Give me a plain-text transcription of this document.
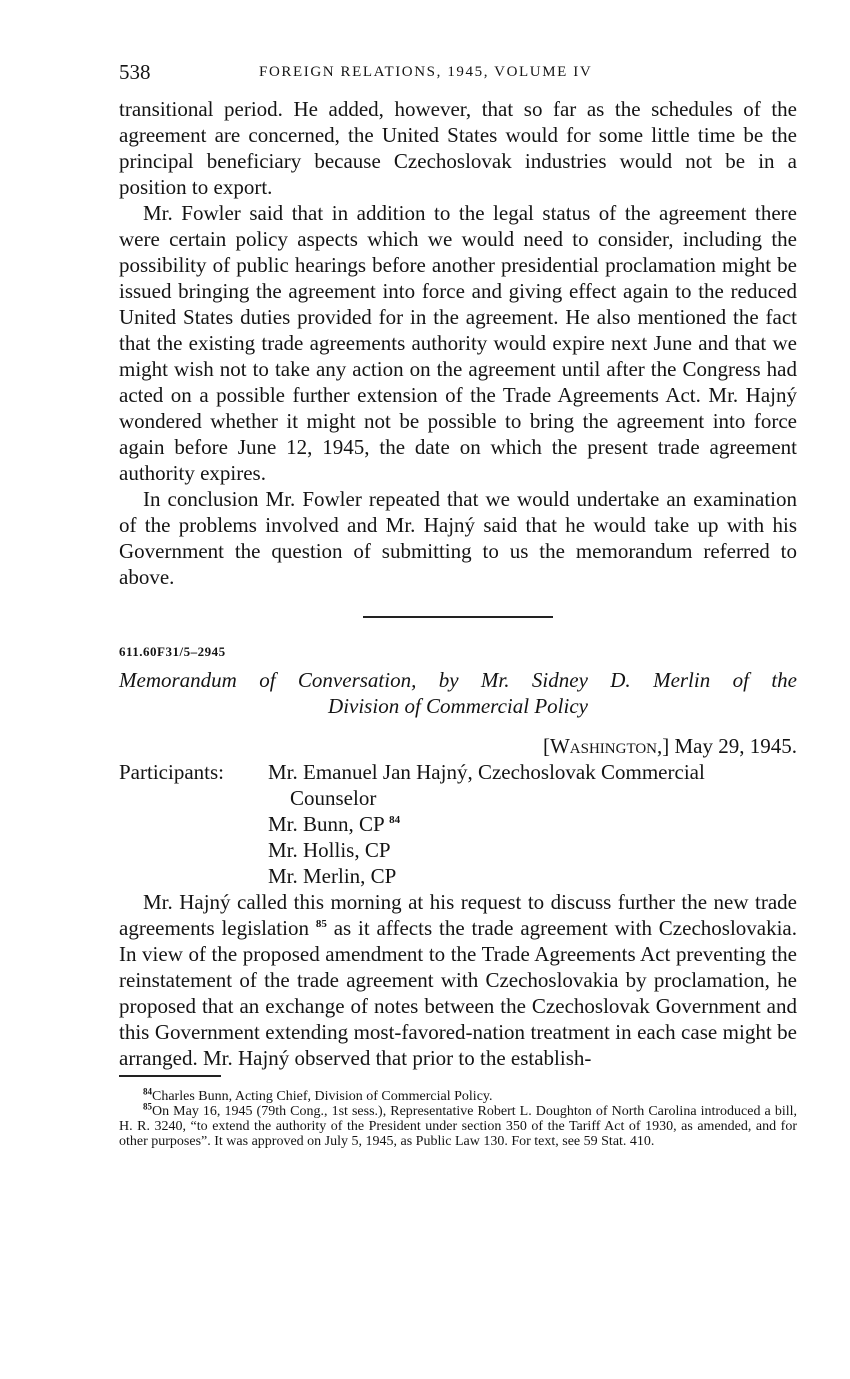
538	FOREIGN RELATIONS, 1945, VOLUME IV

transitional period. He added, however, that so far as the schedules of the agreement are concerned, the United States would for some little time be the principal beneficiary because Czechoslovak industries would not be in a position to export.

Mr. Fowler said that in addition to the legal status of the agreement there were certain policy aspects which we would need to consider, including the possibility of public hearings before another presidential proclamation might be issued bringing the agreement into force and giving effect again to the reduced United States duties provided for in the agreement. He also mentioned the fact that the existing trade agreements authority would expire next June and that we might wish not to take any action on the agreement until after the Congress had acted on a possible further extension of the Trade Agreements Act. Mr. Hajný wondered whether it might not be possible to bring the agreement into force again before June 12, 1945, the date on which the present trade agreement authority expires.

In conclusion Mr. Fowler repeated that we would undertake an examination of the problems involved and Mr. Hajný said that he would take up with his Government the question of submitting to us the memorandum referred to above.

611.60F31/5–2945
Memorandum of Conversation, by Mr. Sidney D. Merlin of the
Division of Commercial Policy
[Washington,] May 29, 1945.
Participants: Mr. Emanuel Jan Hajný, Czechoslovak Commercial
Counselor
Mr. Bunn, CP $^{84}$
Mr. Hollis, CP
Mr. Merlin, CP

Mr. Hajný called this morning at his request to discuss further the new trade agreements legislation $^{85}$ as it affects the trade agreement with Czechoslovakia. In view of the proposed amendment to the Trade Agreements Act preventing the reinstatement of the trade agreement with Czechoslovakia by proclamation, he proposed that an exchange of notes between the Czechoslovak Government and this Government extending most-favored-nation treatment in each case might be arranged. Mr. Hajný observed that prior to the establish-

$^{84}$Charles Bunn, Acting Chief, Division of Commercial Policy.

$^{85}$On May 16, 1945 (79th Cong., 1st sess.), Representative Robert L. Doughton of North Carolina introduced a bill, H. R. 3240, “to extend the authority of the President under section 350 of the Tariff Act of 1930, as amended, and for other purposes”. It was approved on July 5, 1945, as Public Law 130. For text, see 59 Stat. 410.
